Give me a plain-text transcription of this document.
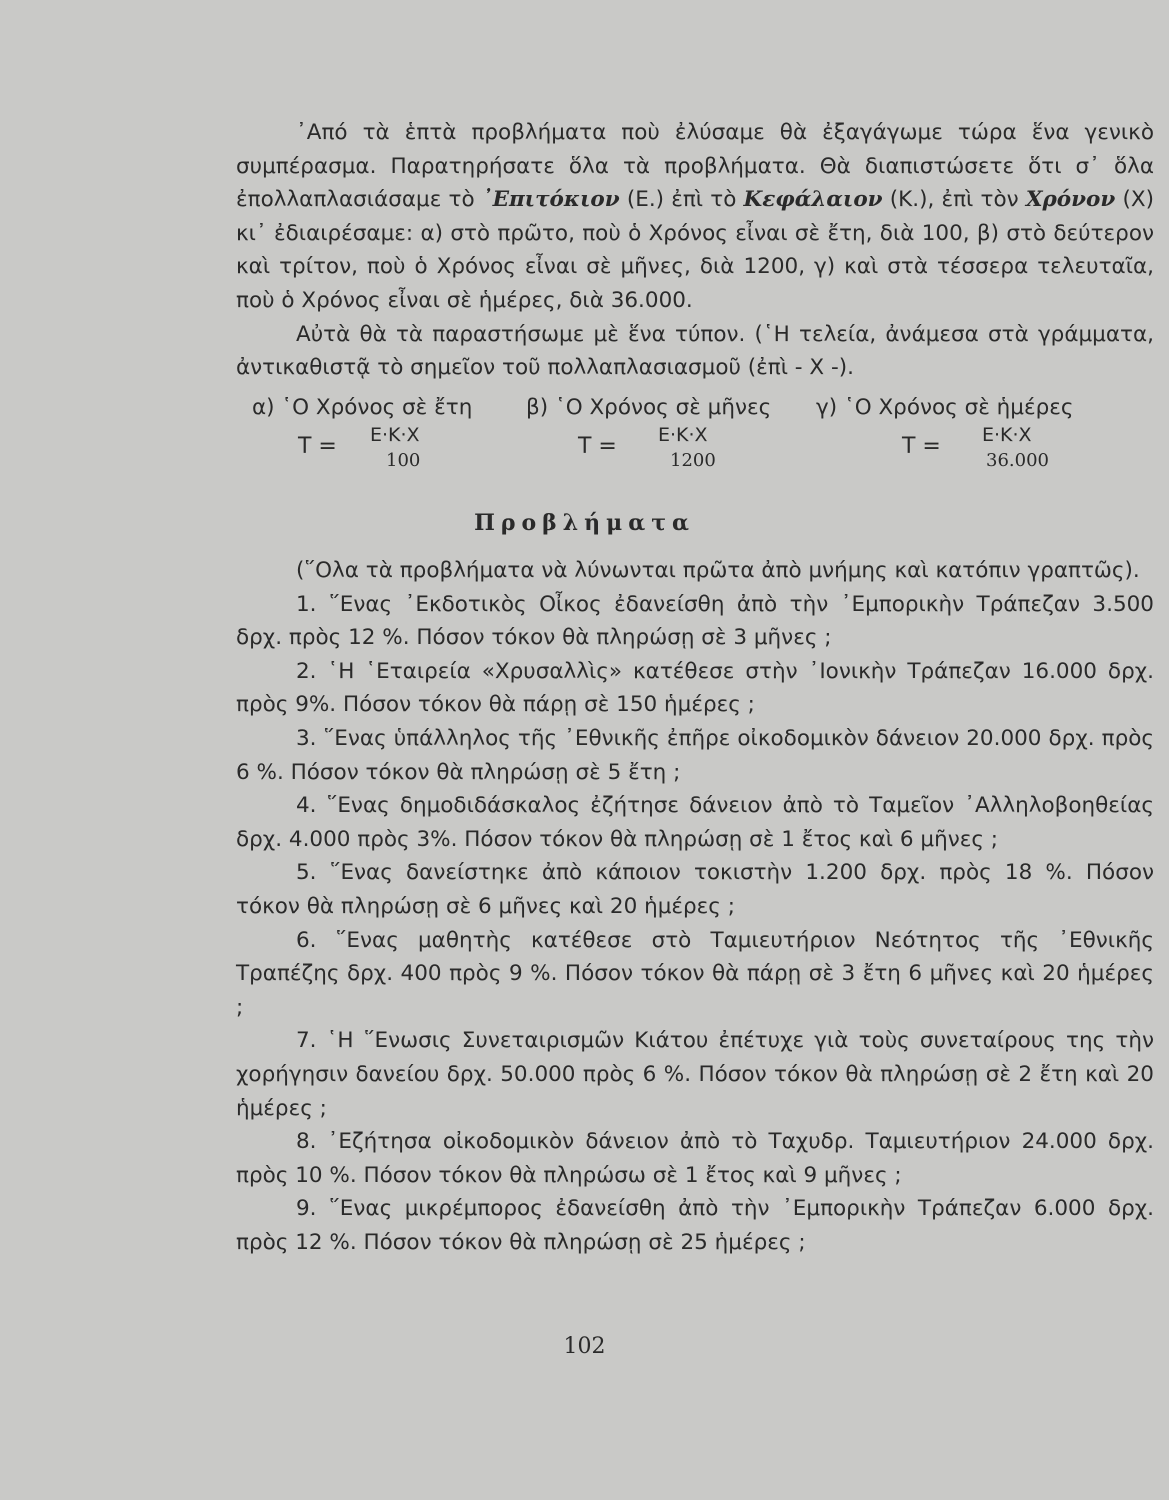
᾿Από τὰ ἑπτὰ προβλήματα ποὺ ἐλύσαμε θὰ ἐξαγάγωμε τώρα ἕνα γενικὸ συμπέρασμα. Παρατηρήσατε ὅλα τὰ προβλήματα. Θὰ διαπιστώσετε ὅτι σ᾿ ὅλα ἐπολλαπλασιάσαμε τὸ ᾿Επιτόκιον (Ε.) ἐπὶ τὸ Κεφάλαιον (Κ.), ἐπὶ τὸν Χρόνον (Χ) κι᾿ ἐδιαιρέσαμε: α) στὸ πρῶτο, ποὺ ὁ Χρόνος εἶναι σὲ ἔτη, διὰ 100, β) στὸ δεύτερον καὶ τρίτον, ποὺ ὁ Χρόνος εἶναι σὲ μῆνες, διὰ 1200, γ) καὶ στὰ τέσσερα τελευταῖα, ποὺ ὁ Χρόνος εἶναι σὲ ἡμέρες, διὰ 36.000.

Αὐτὰ θὰ τὰ παραστήσωμε μὲ ἕνα τύπον. (῾Η τελεία, ἀνάμεσα στὰ γράμματα, ἀντικαθιστᾷ τὸ σημεῖον τοῦ πολλαπλασιασμοῦ (ἐπὶ - Χ -).

α) ῾Ο Χρόνος σὲ ἔτη β) ῾Ο Χρόνος σὲ μῆνες γ) ῾Ο Χρόνος σὲ ἡμέρες
Τ = Ε·Κ·Χ
100
Τ = Ε·Κ·Χ
1200
Τ = Ε·Κ·Χ
36.000
Προβλήματα

(῞Ολα τὰ προβλήματα νὰ λύνωνται πρῶτα ἀπὸ μνήμης καὶ κατόπιν γραπτῶς).

1. ῞Ενας ᾿Εκδοτικὸς Οἶκος ἐδανείσθη ἀπὸ τὴν ᾿Εμπορικὴν Τράπεζαν 3.500 δρχ. πρὸς 12 %. Πόσον τόκον θὰ πληρώσῃ σὲ 3 μῆνες ;

2. ῾Η ῾Εταιρεία «Χρυσαλλὶς» κατέθεσε στὴν ᾿Ιονικὴν Τράπεζαν 16.000 δρχ. πρὸς 9%. Πόσον τόκον θὰ πάρῃ σὲ 150 ἡμέρες ;

3. ῞Ενας ὑπάλληλος τῆς ᾿Εθνικῆς ἐπῆρε οἰκοδομικὸν δάνειον 20.000 δρχ. πρὸς 6 %. Πόσον τόκον θὰ πληρώσῃ σὲ 5 ἔτη ;

4. ῞Ενας δημοδιδάσκαλος ἐζήτησε δάνειον ἀπὸ τὸ Ταμεῖον ᾿Αλληλοβοηθείας δρχ. 4.000 πρὸς 3%. Πόσον τόκον θὰ πληρώσῃ σὲ 1 ἔτος καὶ 6 μῆνες ;

5. ῞Ενας δανείστηκε ἀπὸ κάποιον τοκιστὴν 1.200 δρχ. πρὸς 18 %. Πόσον τόκον θὰ πληρώσῃ σὲ 6 μῆνες καὶ 20 ἡμέρες ;

6. ῞Ενας μαθητὴς κατέθεσε στὸ Ταμιευτήριον Νεότητος τῆς ᾿Εθνικῆς Τραπέζης δρχ. 400 πρὸς 9 %. Πόσον τόκον θὰ πάρῃ σὲ 3 ἔτη 6 μῆνες καὶ 20 ἡμέρες ;

7. ῾Η ῞Ενωσις Συνεταιρισμῶν Κιάτου ἐπέτυχε γιὰ τοὺς συνεταίρους της τὴν χορήγησιν δανείου δρχ. 50.000 πρὸς 6 %. Πόσον τόκον θὰ πληρώσῃ σὲ 2 ἔτη καὶ 20 ἡμέρες ;

8. ᾿Εζήτησα οἰκοδομικὸν δάνειον ἀπὸ τὸ Ταχυδρ. Ταμιευτήριον 24.000 δρχ. πρὸς 10 %. Πόσον τόκον θὰ πληρώσω σὲ 1 ἔτος καὶ 9 μῆνες ;

9. ῞Ενας μικρέμπορος ἐδανείσθη ἀπὸ τὴν ᾿Εμπορικὴν Τράπεζαν 6.000 δρχ. πρὸς 12 %. Πόσον τόκον θὰ πληρώσῃ σὲ 25 ἡμέρες ;

102
